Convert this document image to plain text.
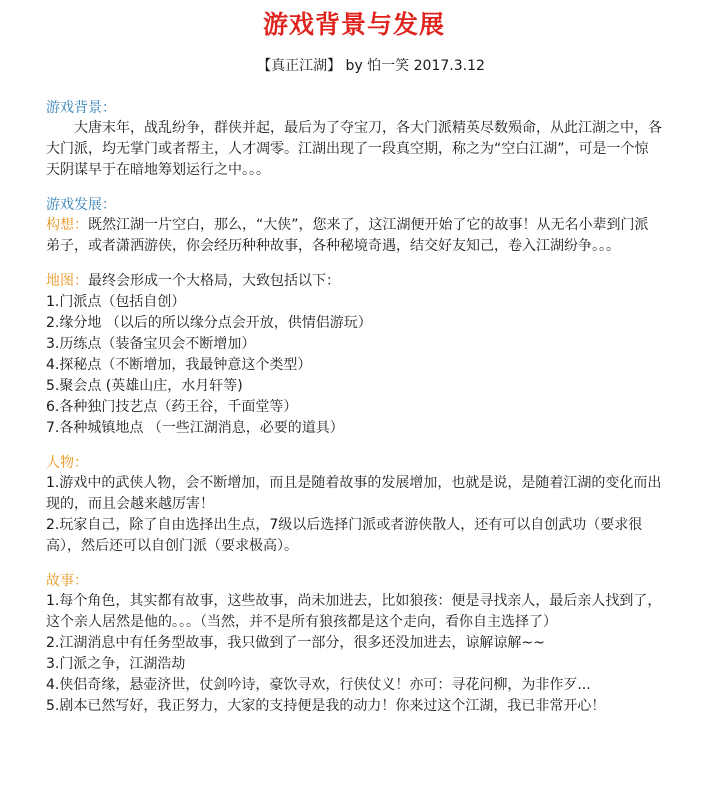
游戏背景与发展
【真正江湖】 by 怕一笑 2017.3.12
游戏背景：

大唐末年，战乱纷争，群侠并起，最后为了夺宝刀，各大门派精英尽数殒命，从此江湖之中，各大门派，均无掌门或者帮主，人才凋零。江湖出现了一段真空期，称之为“空白江湖”，可是一个惊天阴谋早于在暗地筹划运行之中。。。

游戏发展：

构想：既然江湖一片空白，那么，“大侠”，您来了，这江湖便开始了它的故事！从无名小辈到门派弟子，或者潇洒游侠，你会经历种种故事，各种秘境奇遇，结交好友知己，卷入江湖纷争。。。

地图：最终会形成一个大格局，大致包括以下：

1.门派点（包括自创）

2.缘分地 （以后的所以缘分点会开放，供情侣游玩）

3.历练点（装备宝贝会不断增加）

4.探秘点（不断增加，我最钟意这个类型）

5.聚会点 (英雄山庄，水月轩等)

6.各种独门技艺点（药王谷，千面堂等）

7.各种城镇地点 （一些江湖消息，必要的道具）

人物：

1.游戏中的武侠人物，会不断增加，而且是随着故事的发展增加，也就是说，是随着江湖的变化而出现的，而且会越来越厉害！

2.玩家自己，除了自由选择出生点，7级以后选择门派或者游侠散人，还有可以自创武功（要求很高），然后还可以自创门派（要求极高）。

故事：

1.每个角色，其实都有故事，这些故事，尚未加进去，比如狼孩：便是寻找亲人，最后亲人找到了，这个亲人居然是他的。。。（当然，并不是所有狼孩都是这个走向，看你自主选择了）

2.江湖消息中有任务型故事，我只做到了一部分，很多还没加进去，谅解谅解~~

3.门派之争，江湖浩劫

4.侠侣奇缘，悬壶济世，仗剑吟诗，豪饮寻欢，行侠仗义！亦可：寻花问柳，为非作歹...

5.剧本已然写好，我正努力，大家的支持便是我的动力！你来过这个江湖，我已非常开心！
